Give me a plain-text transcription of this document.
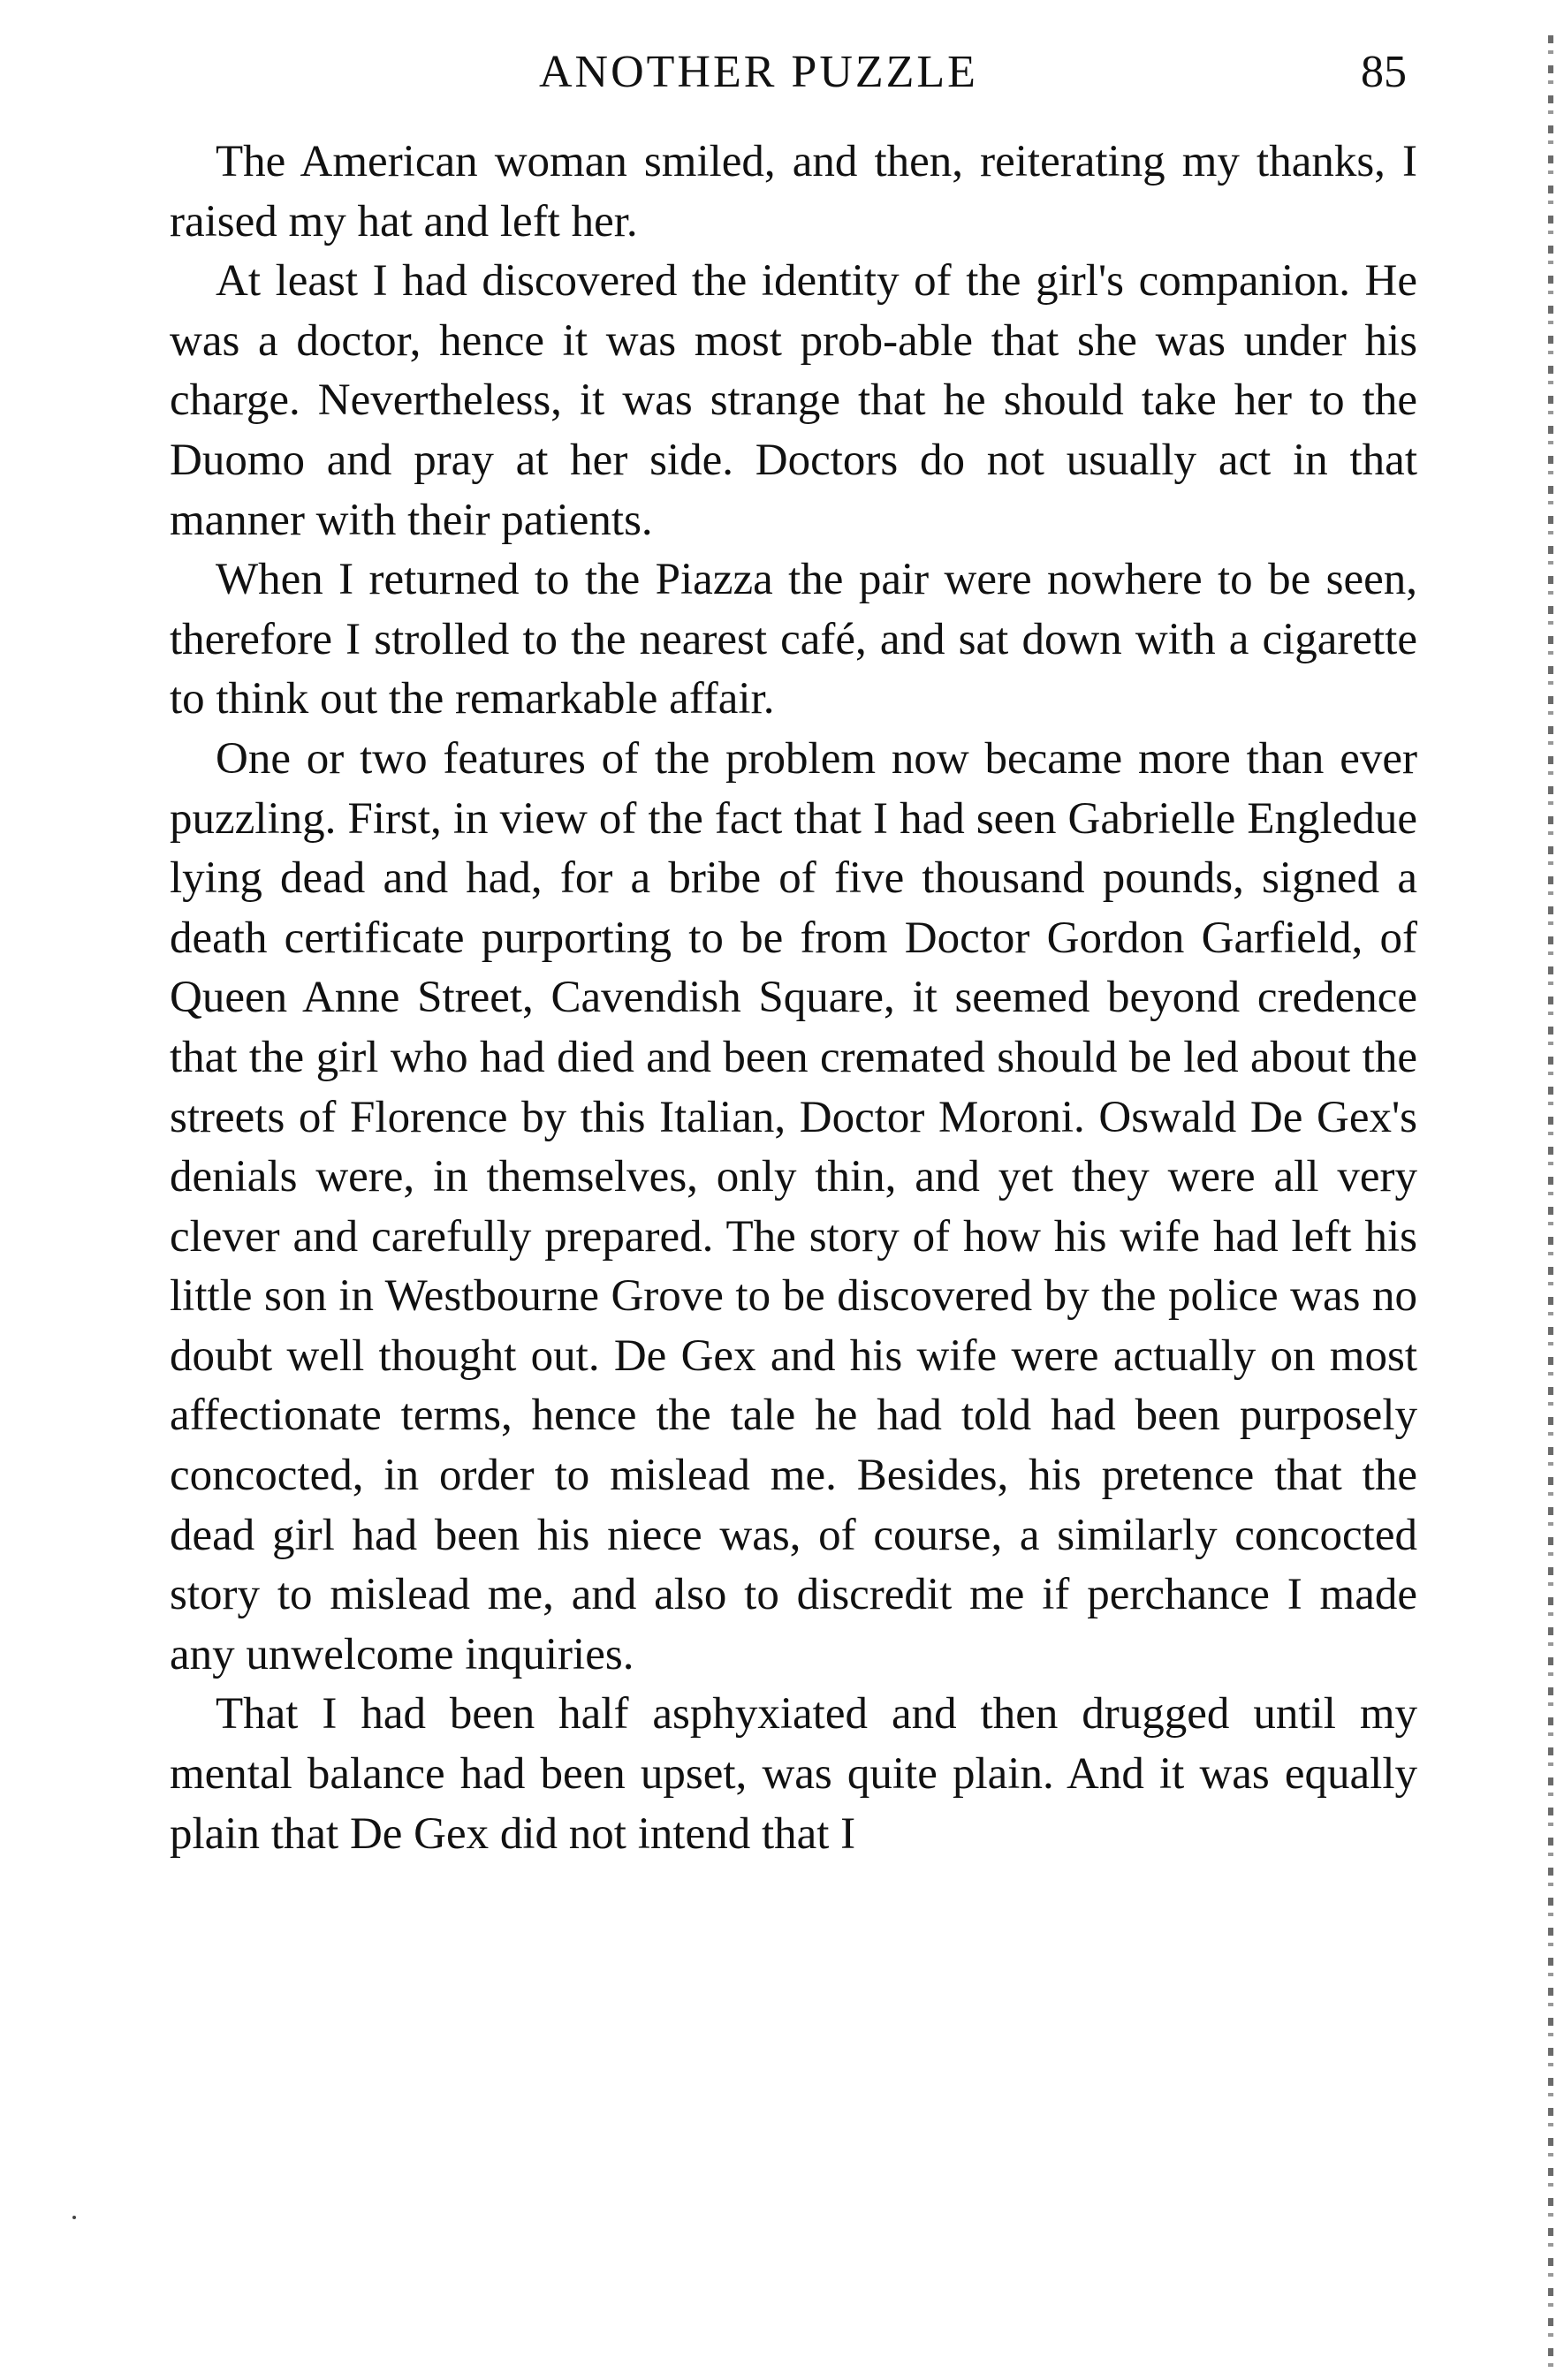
ANOTHER PUZZLE	85

The American woman smiled, and then, reiterating my thanks, I raised my hat and left her.

At least I had discovered the identity of the girl's companion. He was a doctor, hence it was most prob-able that she was under his charge. Nevertheless, it was strange that he should take her to the Duomo and pray at her side. Doctors do not usually act in that manner with their patients.

When I returned to the Piazza the pair were nowhere to be seen, therefore I strolled to the nearest café, and sat down with a cigarette to think out the remarkable affair.

One or two features of the problem now became more than ever puzzling. First, in view of the fact that I had seen Gabrielle Engledue lying dead and had, for a bribe of five thousand pounds, signed a death certificate purporting to be from Doctor Gordon Garfield, of Queen Anne Street, Cavendish Square, it seemed beyond credence that the girl who had died and been cremated should be led about the streets of Florence by this Italian, Doctor Moroni. Oswald De Gex's denials were, in themselves, only thin, and yet they were all very clever and carefully prepared. The story of how his wife had left his little son in Westbourne Grove to be discovered by the police was no doubt well thought out. De Gex and his wife were actually on most affectionate terms, hence the tale he had told had been purposely concocted, in order to mislead me. Besides, his pretence that the dead girl had been his niece was, of course, a similarly concocted story to mislead me, and also to discredit me if perchance I made any unwelcome inquiries.

That I had been half asphyxiated and then drugged until my mental balance had been upset, was quite plain. And it was equally plain that De Gex did not intend that I
